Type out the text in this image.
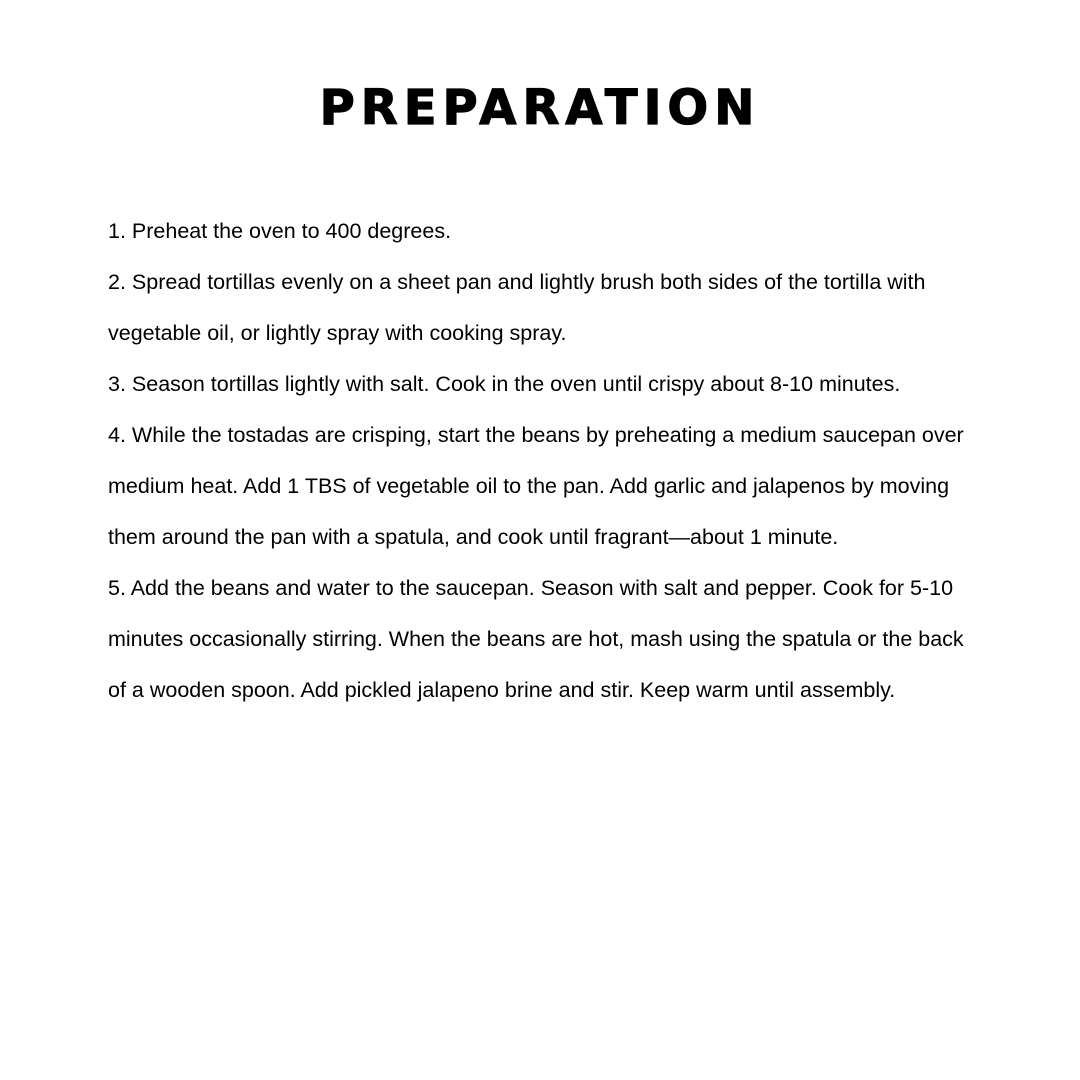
PREPARATION
1. Preheat the oven to 400 degrees.
2. Spread tortillas evenly on a sheet pan and lightly brush both sides of the tortilla with vegetable oil, or lightly spray with cooking spray.
3. Season tortillas lightly with salt. Cook in the oven until crispy about 8-10 minutes.
4. While the tostadas are crisping, start the beans by preheating a medium saucepan over medium heat. Add 1 TBS of vegetable oil to the pan. Add garlic and jalapenos by moving them around the pan with a spatula, and cook until fragrant—about 1 minute.
5. Add the beans and water to the saucepan. Season with salt and pepper. Cook for 5-10 minutes occasionally stirring. When the beans are hot, mash using the spatula or the back of a wooden spoon. Add pickled jalapeno brine and stir. Keep warm until assembly.
